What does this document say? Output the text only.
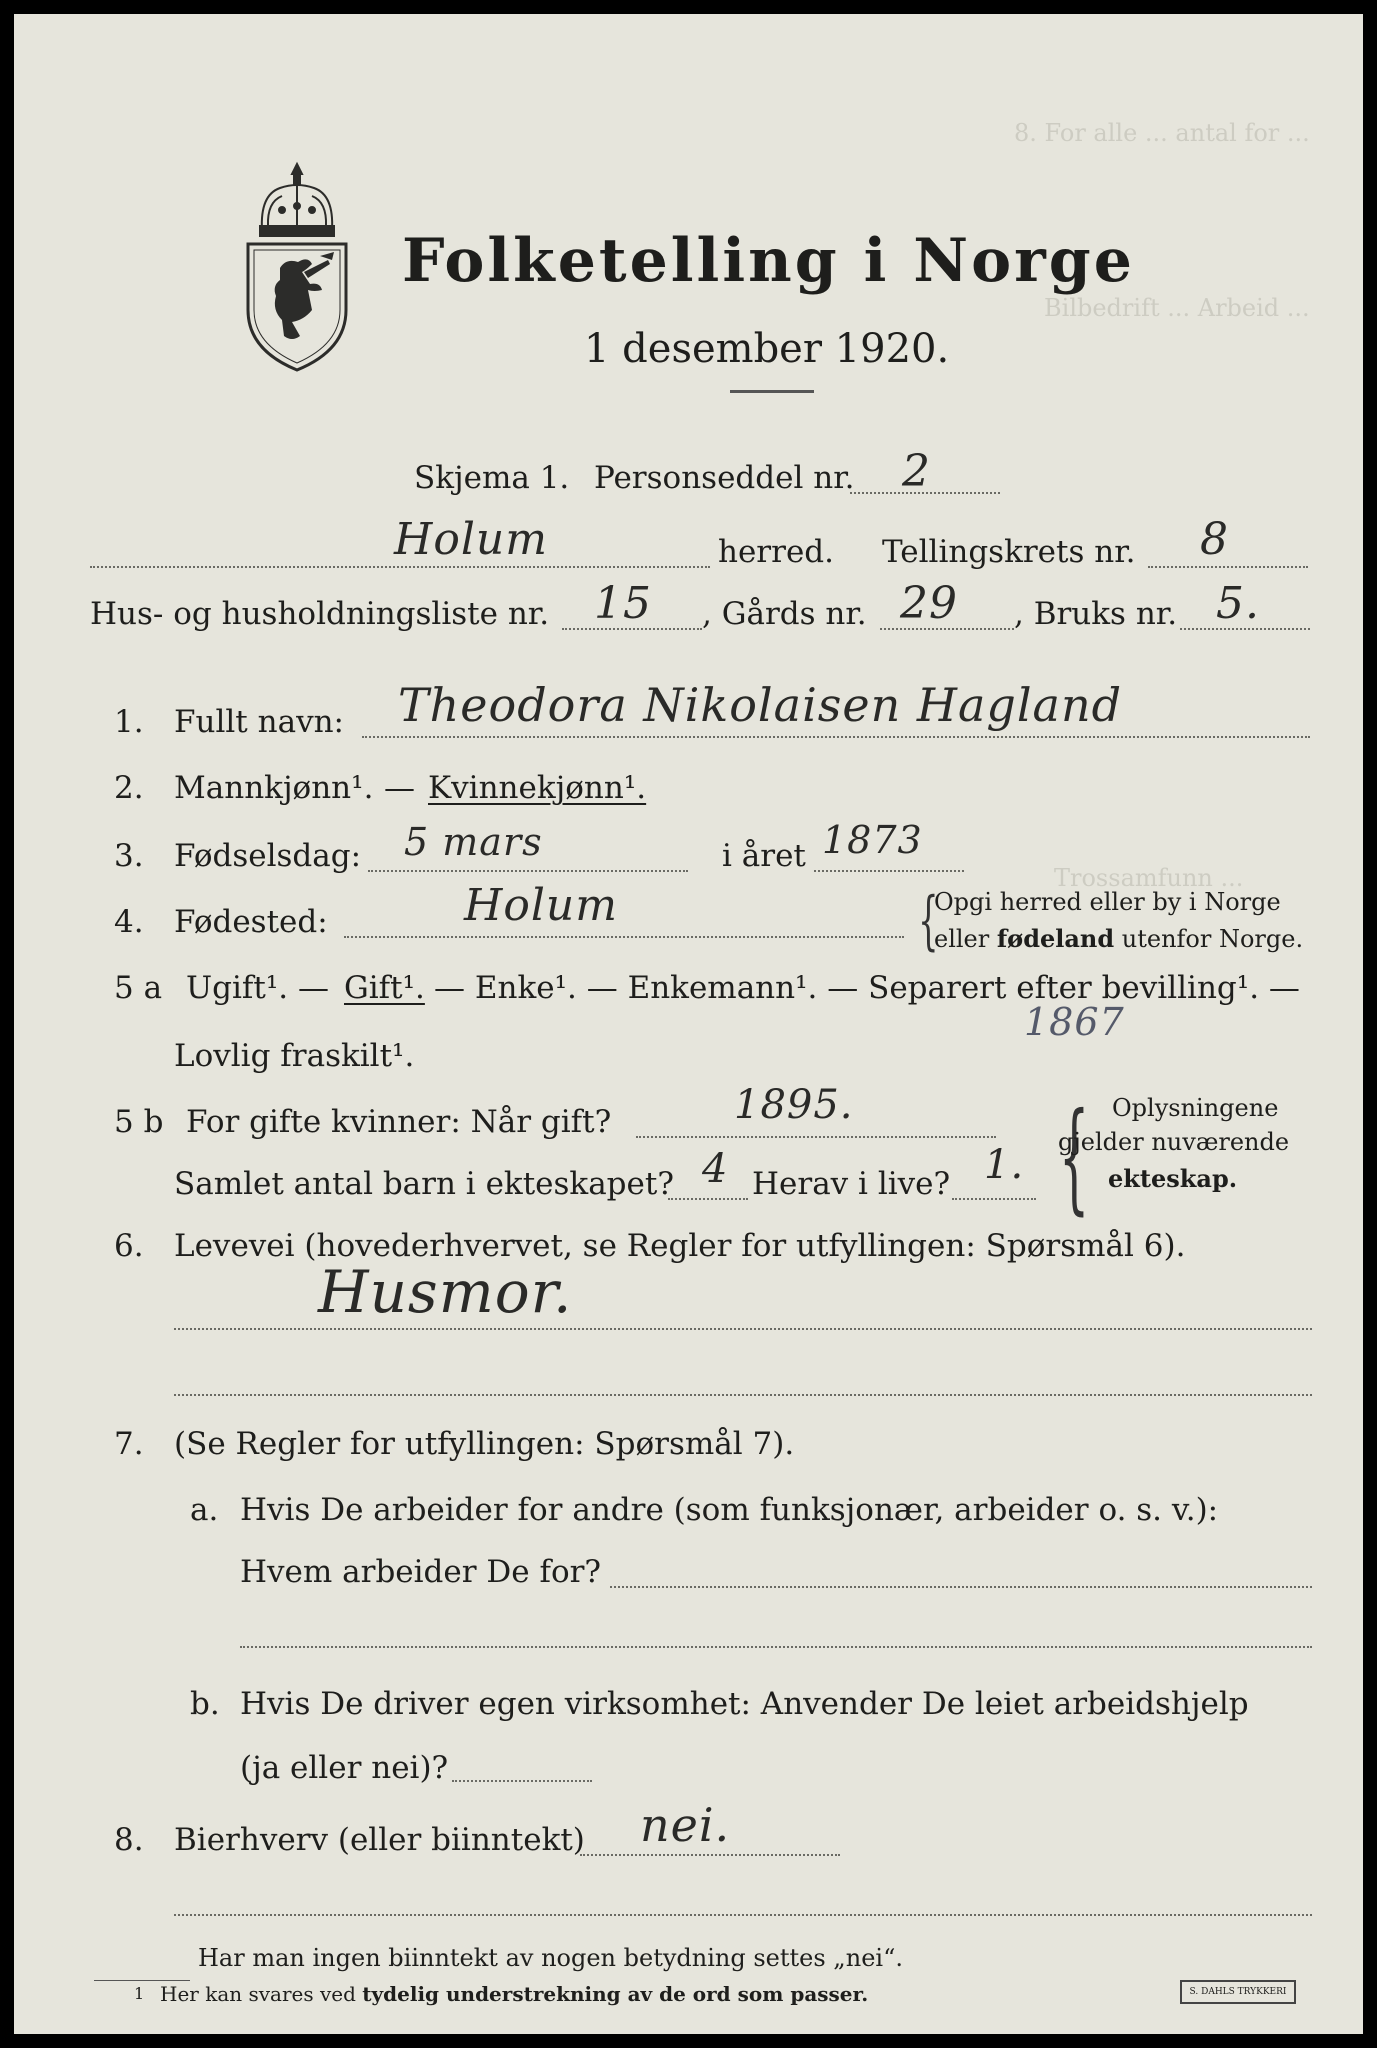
8. For alle ... antal for ...
Bilbedrift ... Arbeid ...
Trossamfunn ...
Folketelling i Norge
1 desember 1920.
Skjema 1. Personseddel nr. 2
Holum	herred. Tellingskrets nr. 8
Hus- og husholdningsliste nr. 15 , Gårds nr. 29 , Bruks nr. 5.
1. Fullt navn: Theodora Nikolaisen Hagland
2. Mannkjønn¹. — Kvinnekjønn¹.
3. Fødselsdag: 5 mars	i året 1873
4. Fødested:	Holum	{
Opgi herred eller by i Norge
eller fødeland utenfor Norge.
5 a Ugift¹. — Gift¹. — Enke¹. — Enkemann¹. — Separert efter bevilling¹. —
Lovlig fraskilt¹.
1867
5 b For gifte kvinner: Når gift?	1895.
Samlet antal barn i ekteskapet? 4 Herav i live? 1. { Oplysningene
gjelder nuværende
ekteskap.
6. Levevei (hovederhvervet, se Regler for utfyllingen: Spørsmål 6).
Husmor.
7. (Se Regler for utfyllingen: Spørsmål 7).
a. Hvis De arbeider for andre (som funksjonær, arbeider o. s. v.):
Hvem arbeider De for?
b. Hvis De driver egen virksomhet: Anvender De leiet arbeidshjelp
(ja eller nei)?
8. Bierhverv (eller biinntekt) nei.
Har man ingen biinntekt av nogen betydning settes „nei“.
1 Her kan svares ved tydelig understrekning av de ord som passer.	S. DAHLS TRYKKERI
